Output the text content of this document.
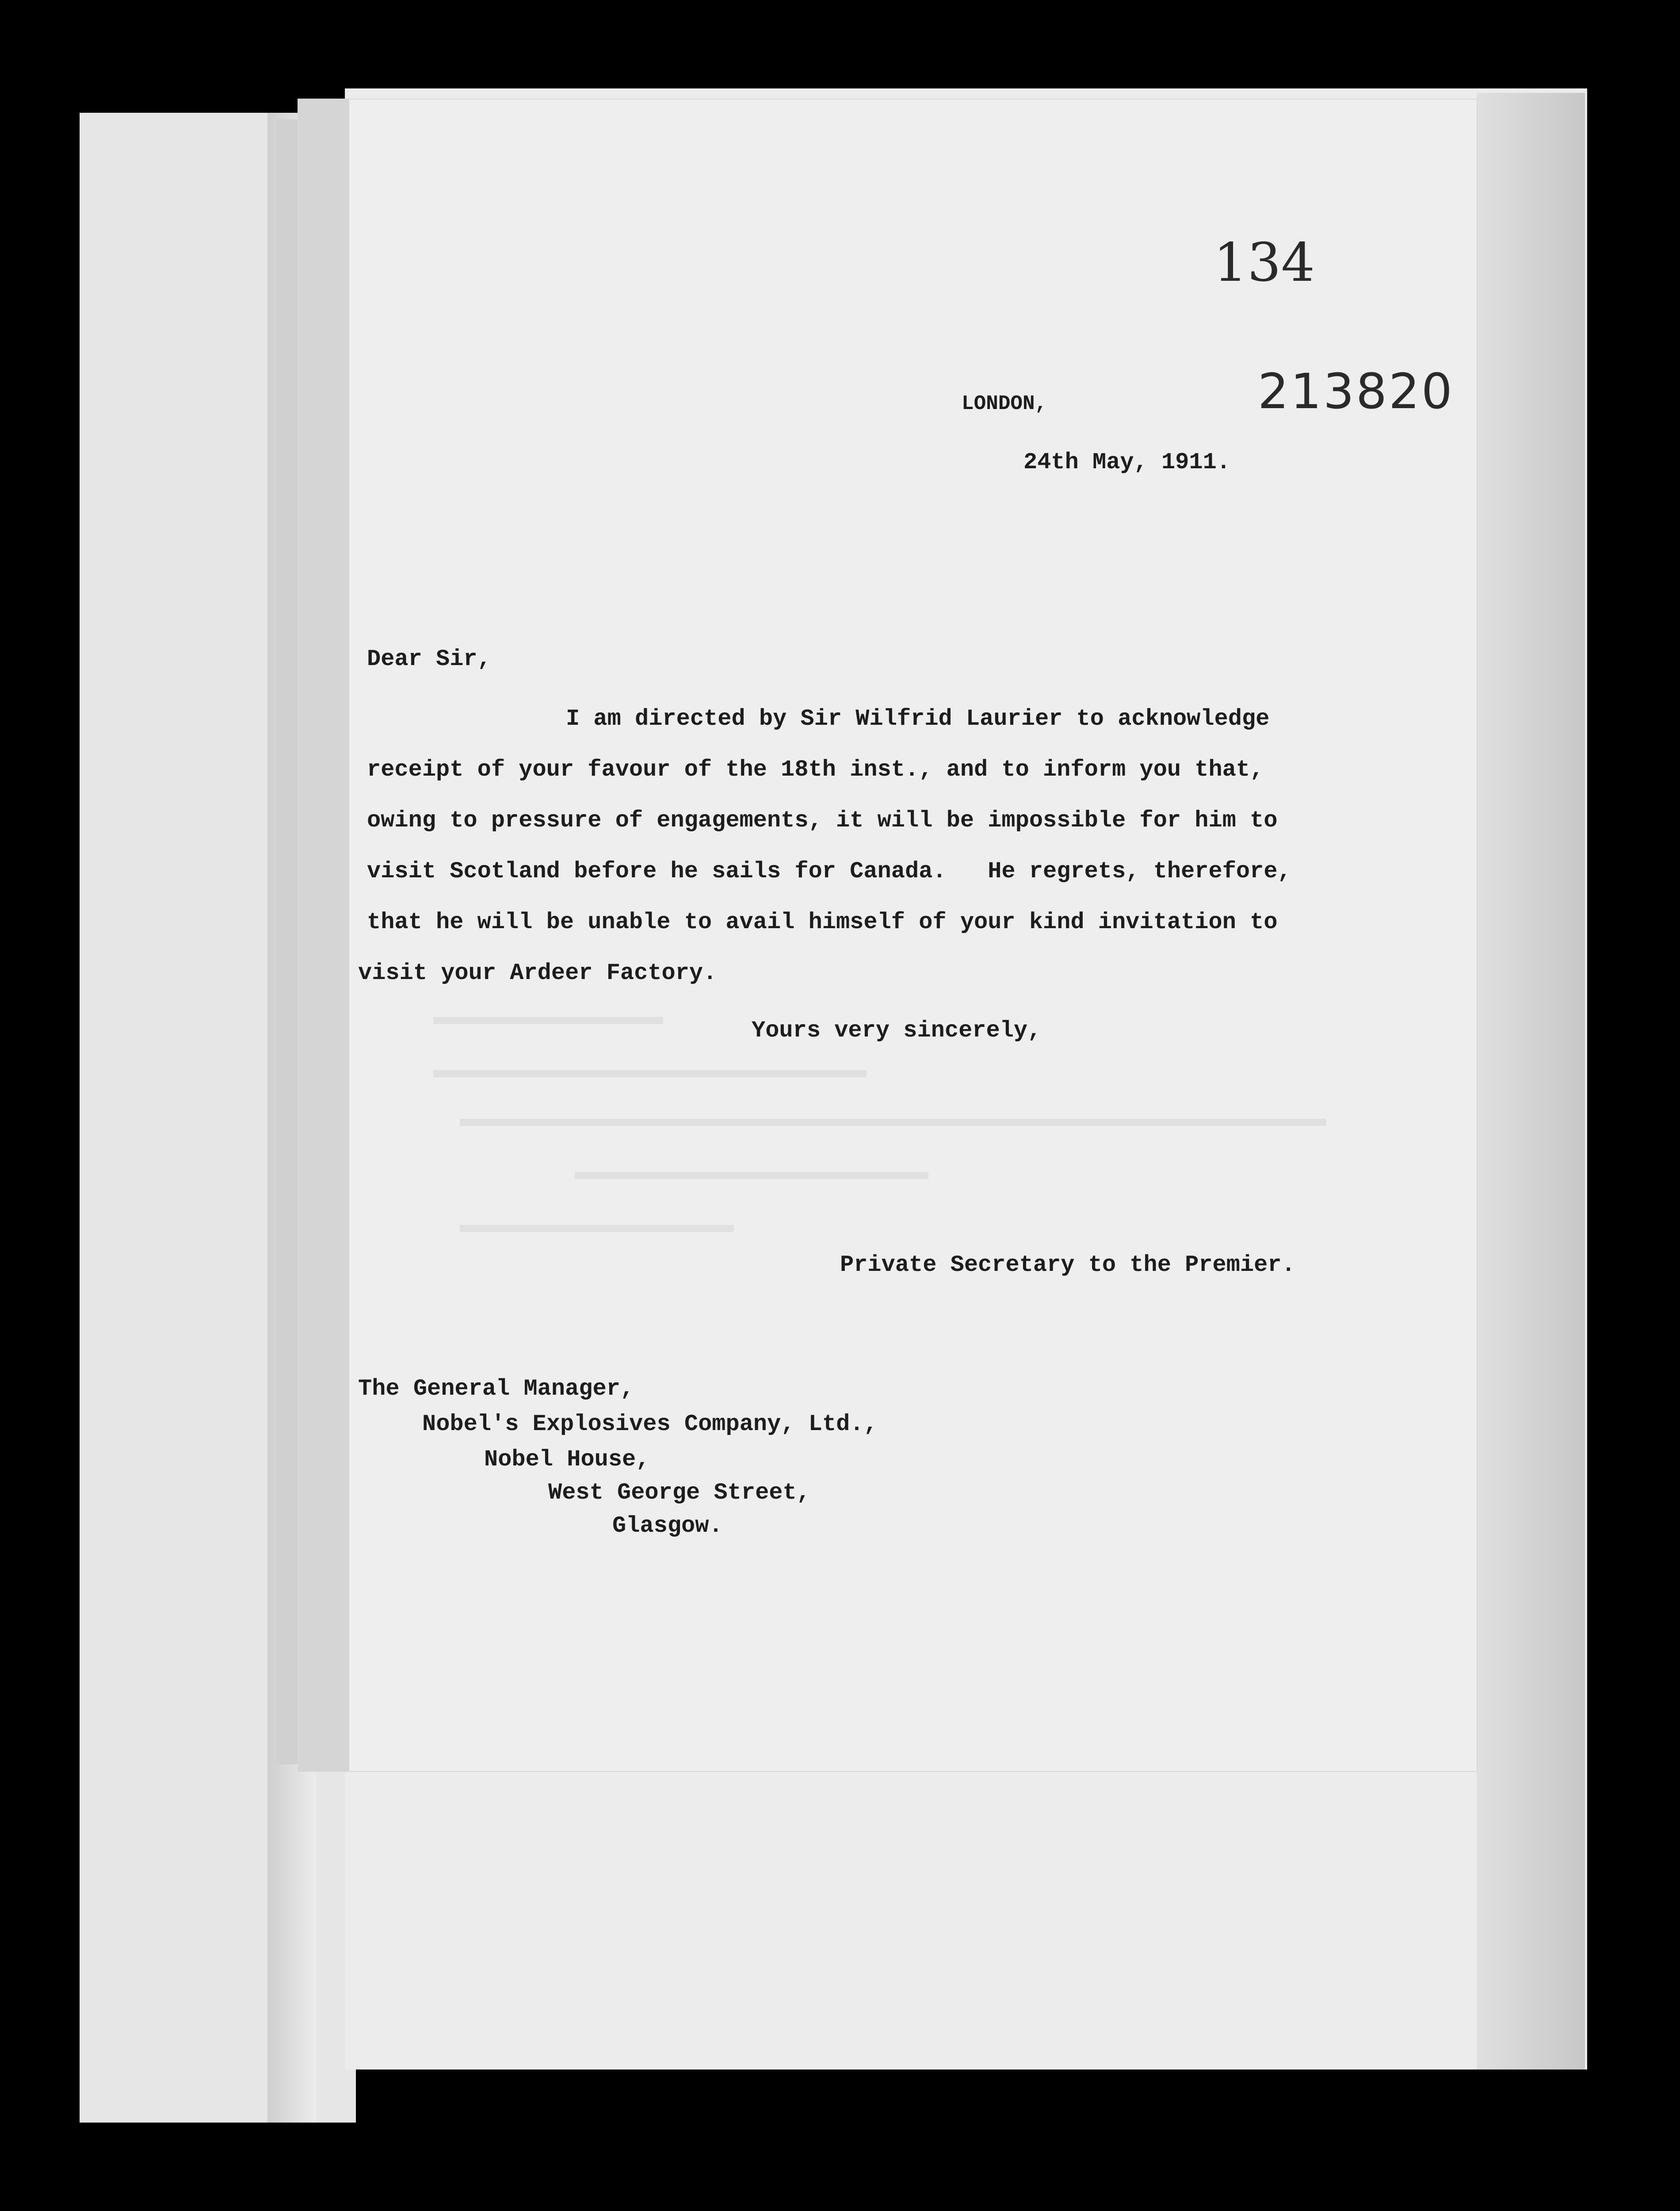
134
213820
LONDON,
24th May, 1911.
Dear Sir,
I am directed by Sir Wilfrid Laurier to acknowledge
receipt of your favour of the 18th inst., and to inform you that,
owing to pressure of engagements, it will be impossible for him to
visit Scotland before he sails for Canada.   He regrets, therefore,
that he will be unable to avail himself of your kind invitation to
visit your Ardeer Factory.
Yours very sincerely,
Private Secretary to the Premier.
The General Manager,
Nobel's Explosives Company, Ltd.,
Nobel House,
West George Street,
Glasgow.
